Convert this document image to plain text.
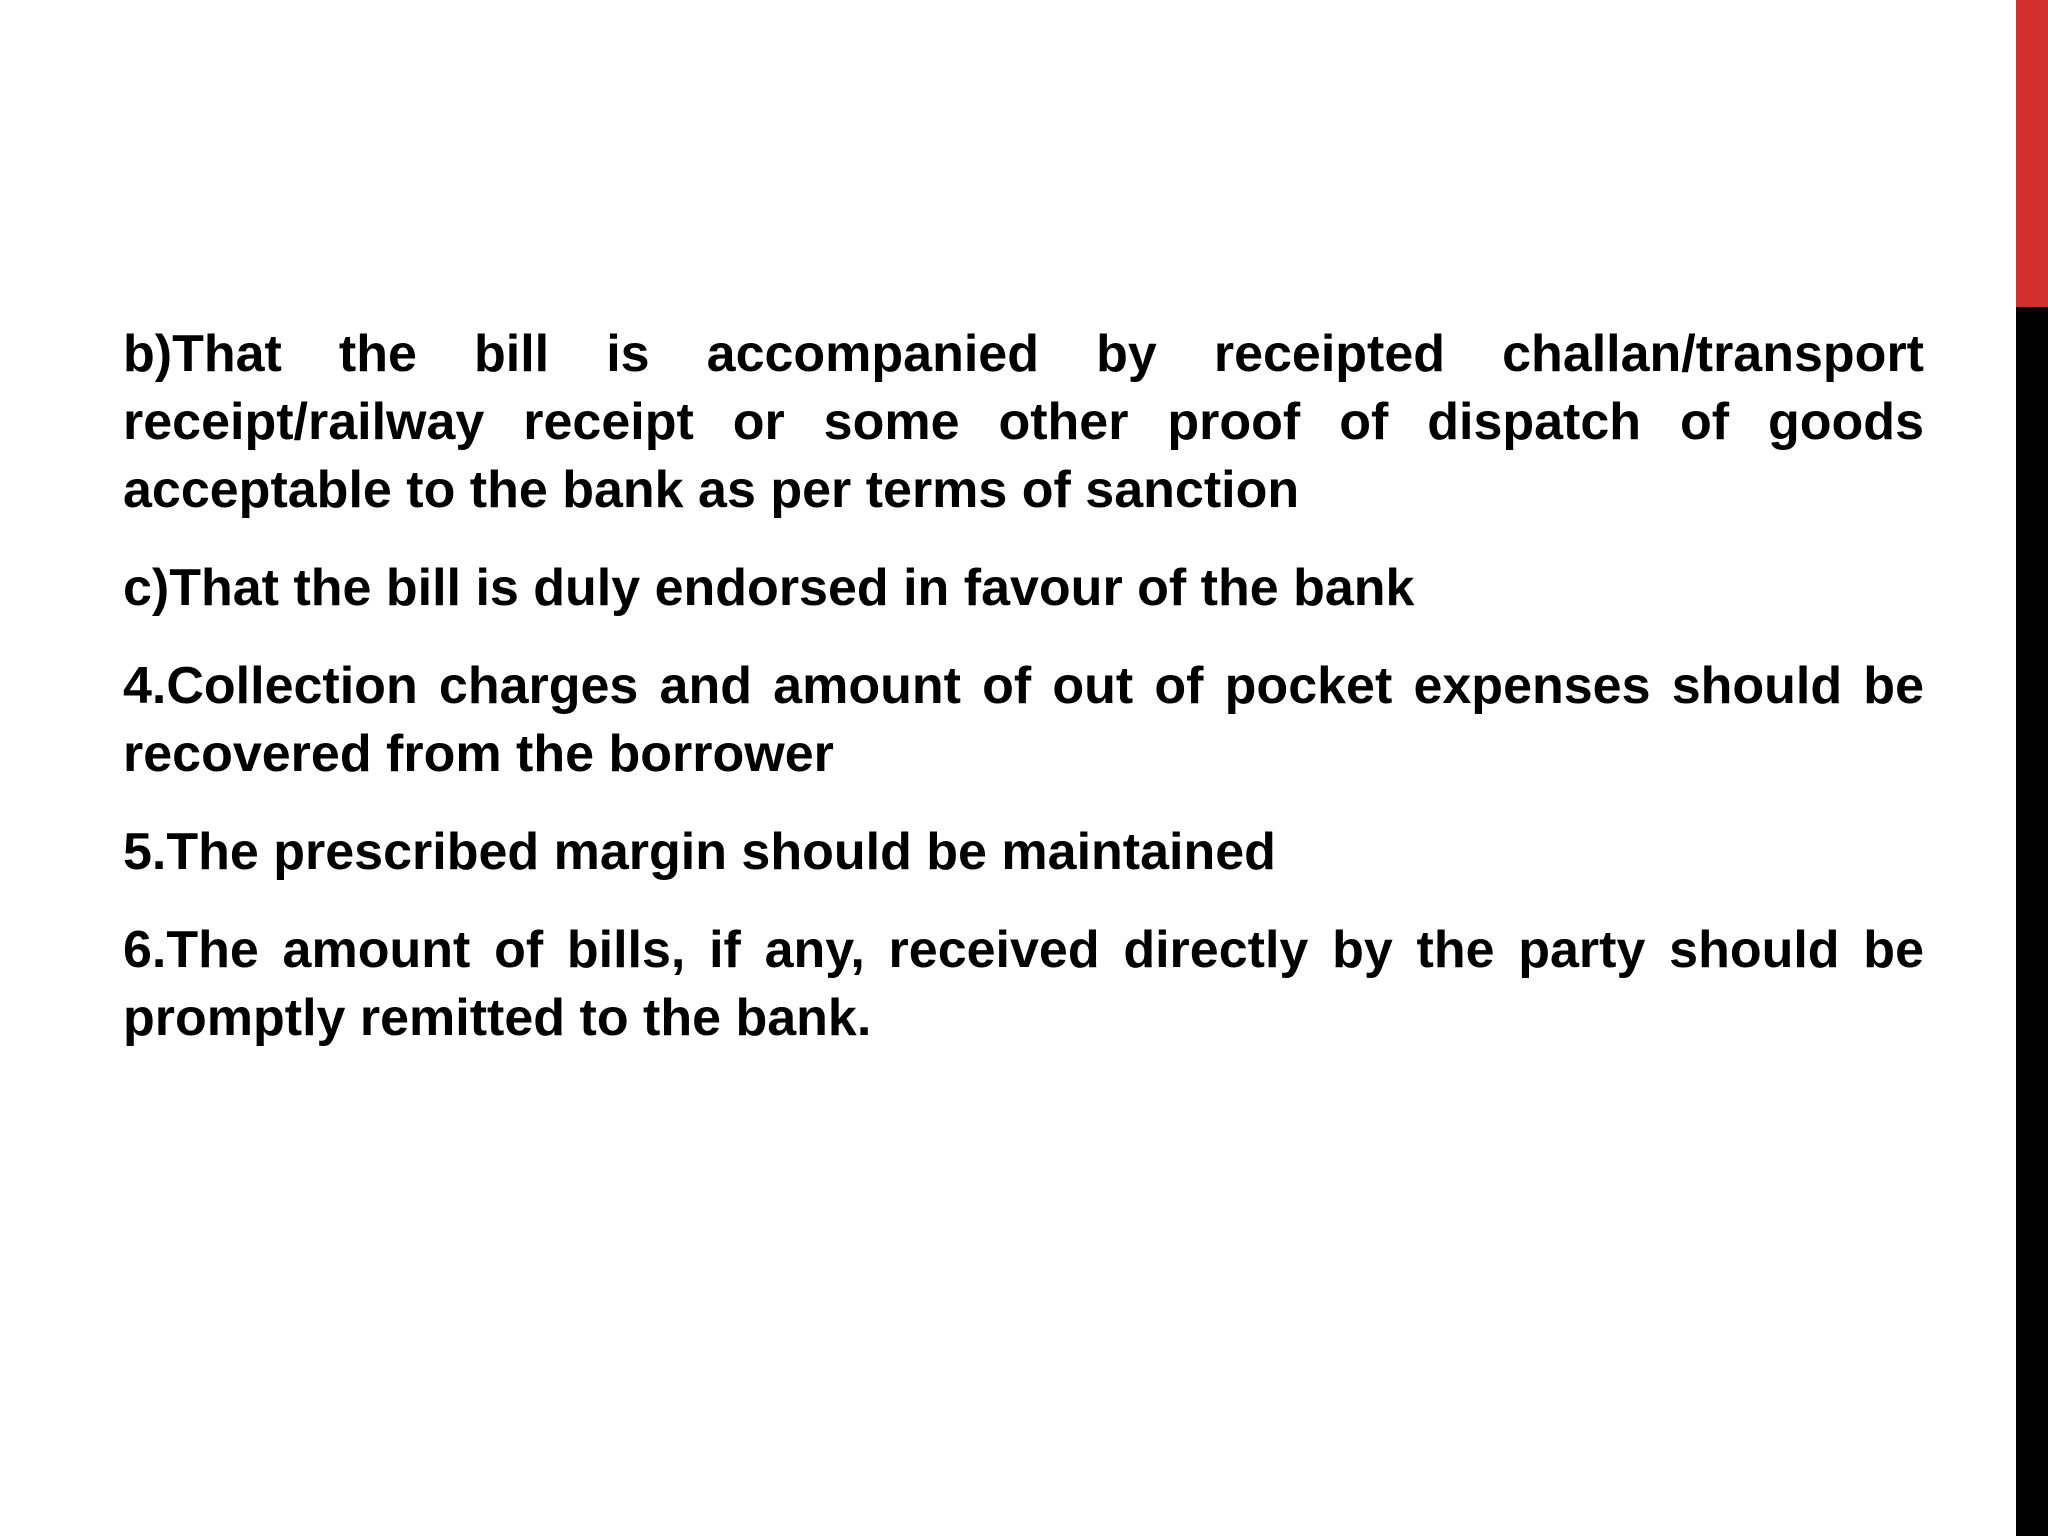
b)That the bill is accompanied by receipted challan/transport receipt/railway receipt or some other proof of dispatch of goods acceptable to the bank as per terms of sanction

c)That the bill is duly endorsed in favour of the bank

4.Collection charges and amount of out of pocket expenses should be recovered from the borrower

5.The prescribed margin should be maintained

6.The amount of bills, if any, received directly by the party should be promptly remitted to the bank.
